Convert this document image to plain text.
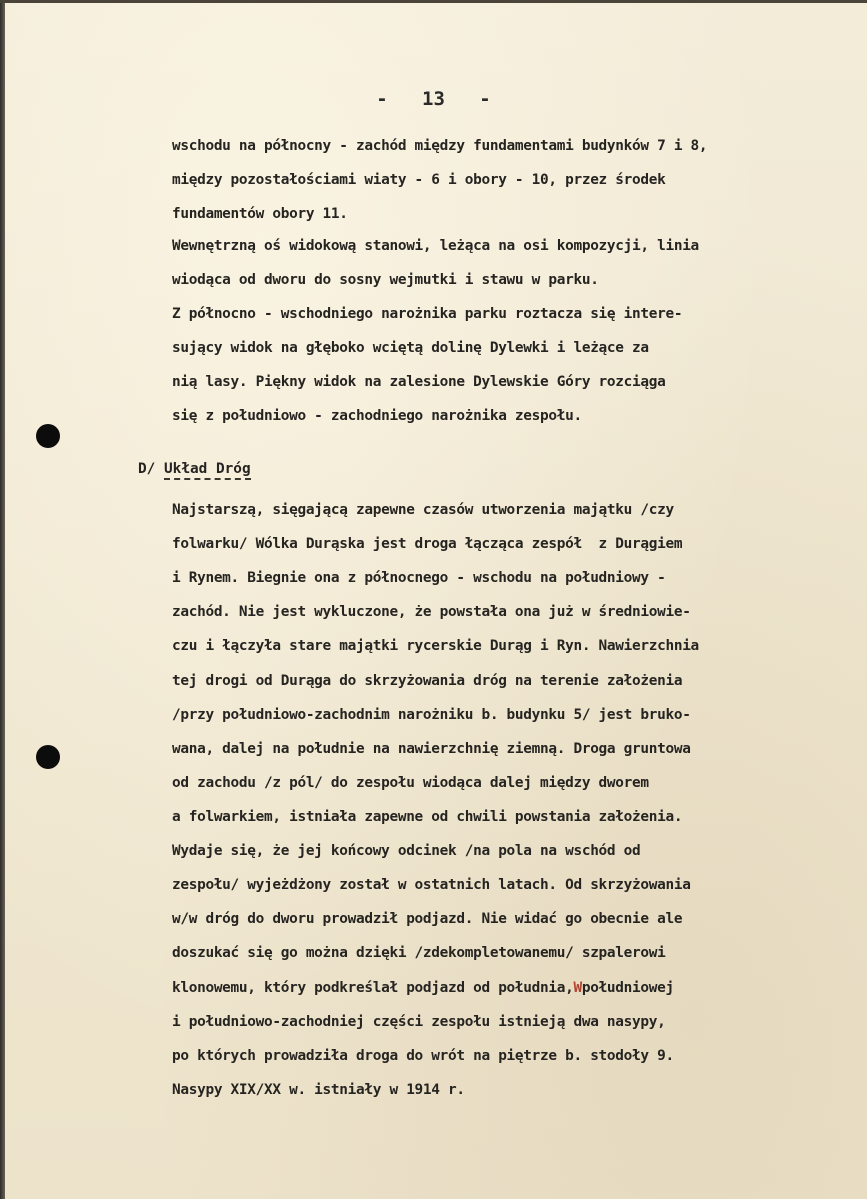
-   13   -
wschodu na północny - zachód między fundamentami budynków 7 i 8,
między pozostałościami wiaty - 6 i obory - 10, przez środek
fundamentów obory 11.
Wewnętrzną oś widokową stanowi, leżąca na osi kompozycji, linia
wiodąca od dworu do sosny wejmutki i stawu w parku.
Z północno - wschodniego narożnika parku roztacza się intere-
sujący widok na głęboko wciętą dolinę Dylewki i leżące za
nią lasy. Piękny widok na zalesione Dylewskie Góry rozciąga
się z południowo - zachodniego narożnika zespołu.
D/ Układ Dróg
Najstarszą, sięgającą zapewne czasów utworzenia majątku /czy
folwarku/ Wólka Durąska jest droga łącząca zespół  z Durągiem
i Rynem. Biegnie ona z północnego - wschodu na południowy -
zachód. Nie jest wykluczone, że powstała ona już w średniowie-
czu i łączyła stare majątki rycerskie Durąg i Ryn. Nawierzchnia
tej drogi od Durąga do skrzyżowania dróg na terenie założenia
/przy południowo-zachodnim narożniku b. budynku 5/ jest bruko-
wana, dalej na południe na nawierzchnię ziemną. Droga gruntowa
od zachodu /z pól/ do zespołu wiodąca dalej między dworem
a folwarkiem, istniała zapewne od chwili powstania założenia.
Wydaje się, że jej końcowy odcinek /na pola na wschód od
zespołu/ wyjeżdżony został w ostatnich latach. Od skrzyżowania
w/w dróg do dworu prowadził podjazd. Nie widać go obecnie ale
doszukać się go można dzięki /zdekompletowanemu/ szpalerowi
klonowemu, który podkreślał podjazd od południa,Wpołudniowej
i południowo-zachodniej części zespołu istnieją dwa nasypy,
po których prowadziła droga do wrót na piętrze b. stodoły 9.
Nasypy XIX/XX w. istniały w 1914 r.
